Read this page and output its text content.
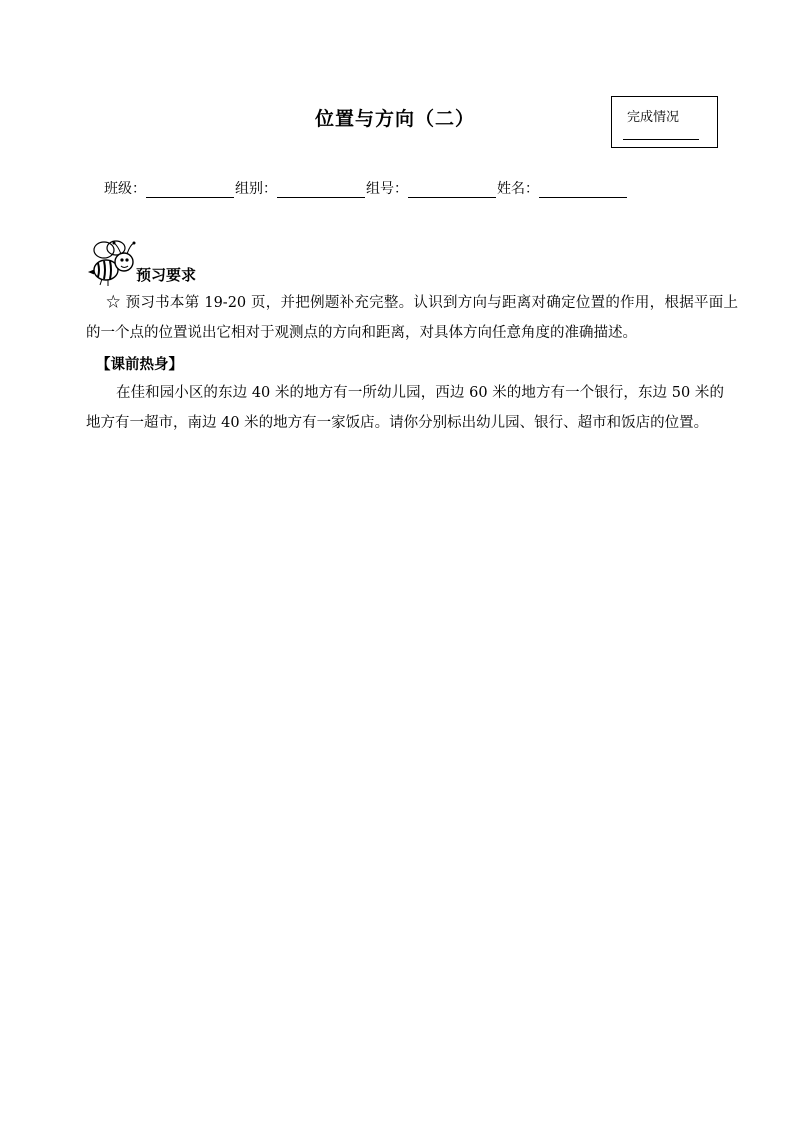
位置与方向（二）	完成情况
班级：	组别：	组号：	姓名：
预习要求
☆ 预习书本第 19-20 页，并把例题补充完整。认识到方向与距离对确定位置的作用，根据平面上的一个点的位置说出它相对于观测点的方向和距离，对具体方向任意角度的准确描述。
【课前热身】
在佳和园小区的东边 40 米的地方有一所幼儿园，西边 60 米的地方有一个银行，东边 50 米的地方有一超市，南边 40 米的地方有一家饭店。请你分别标出幼儿园、银行、超市和饭店的位置。
